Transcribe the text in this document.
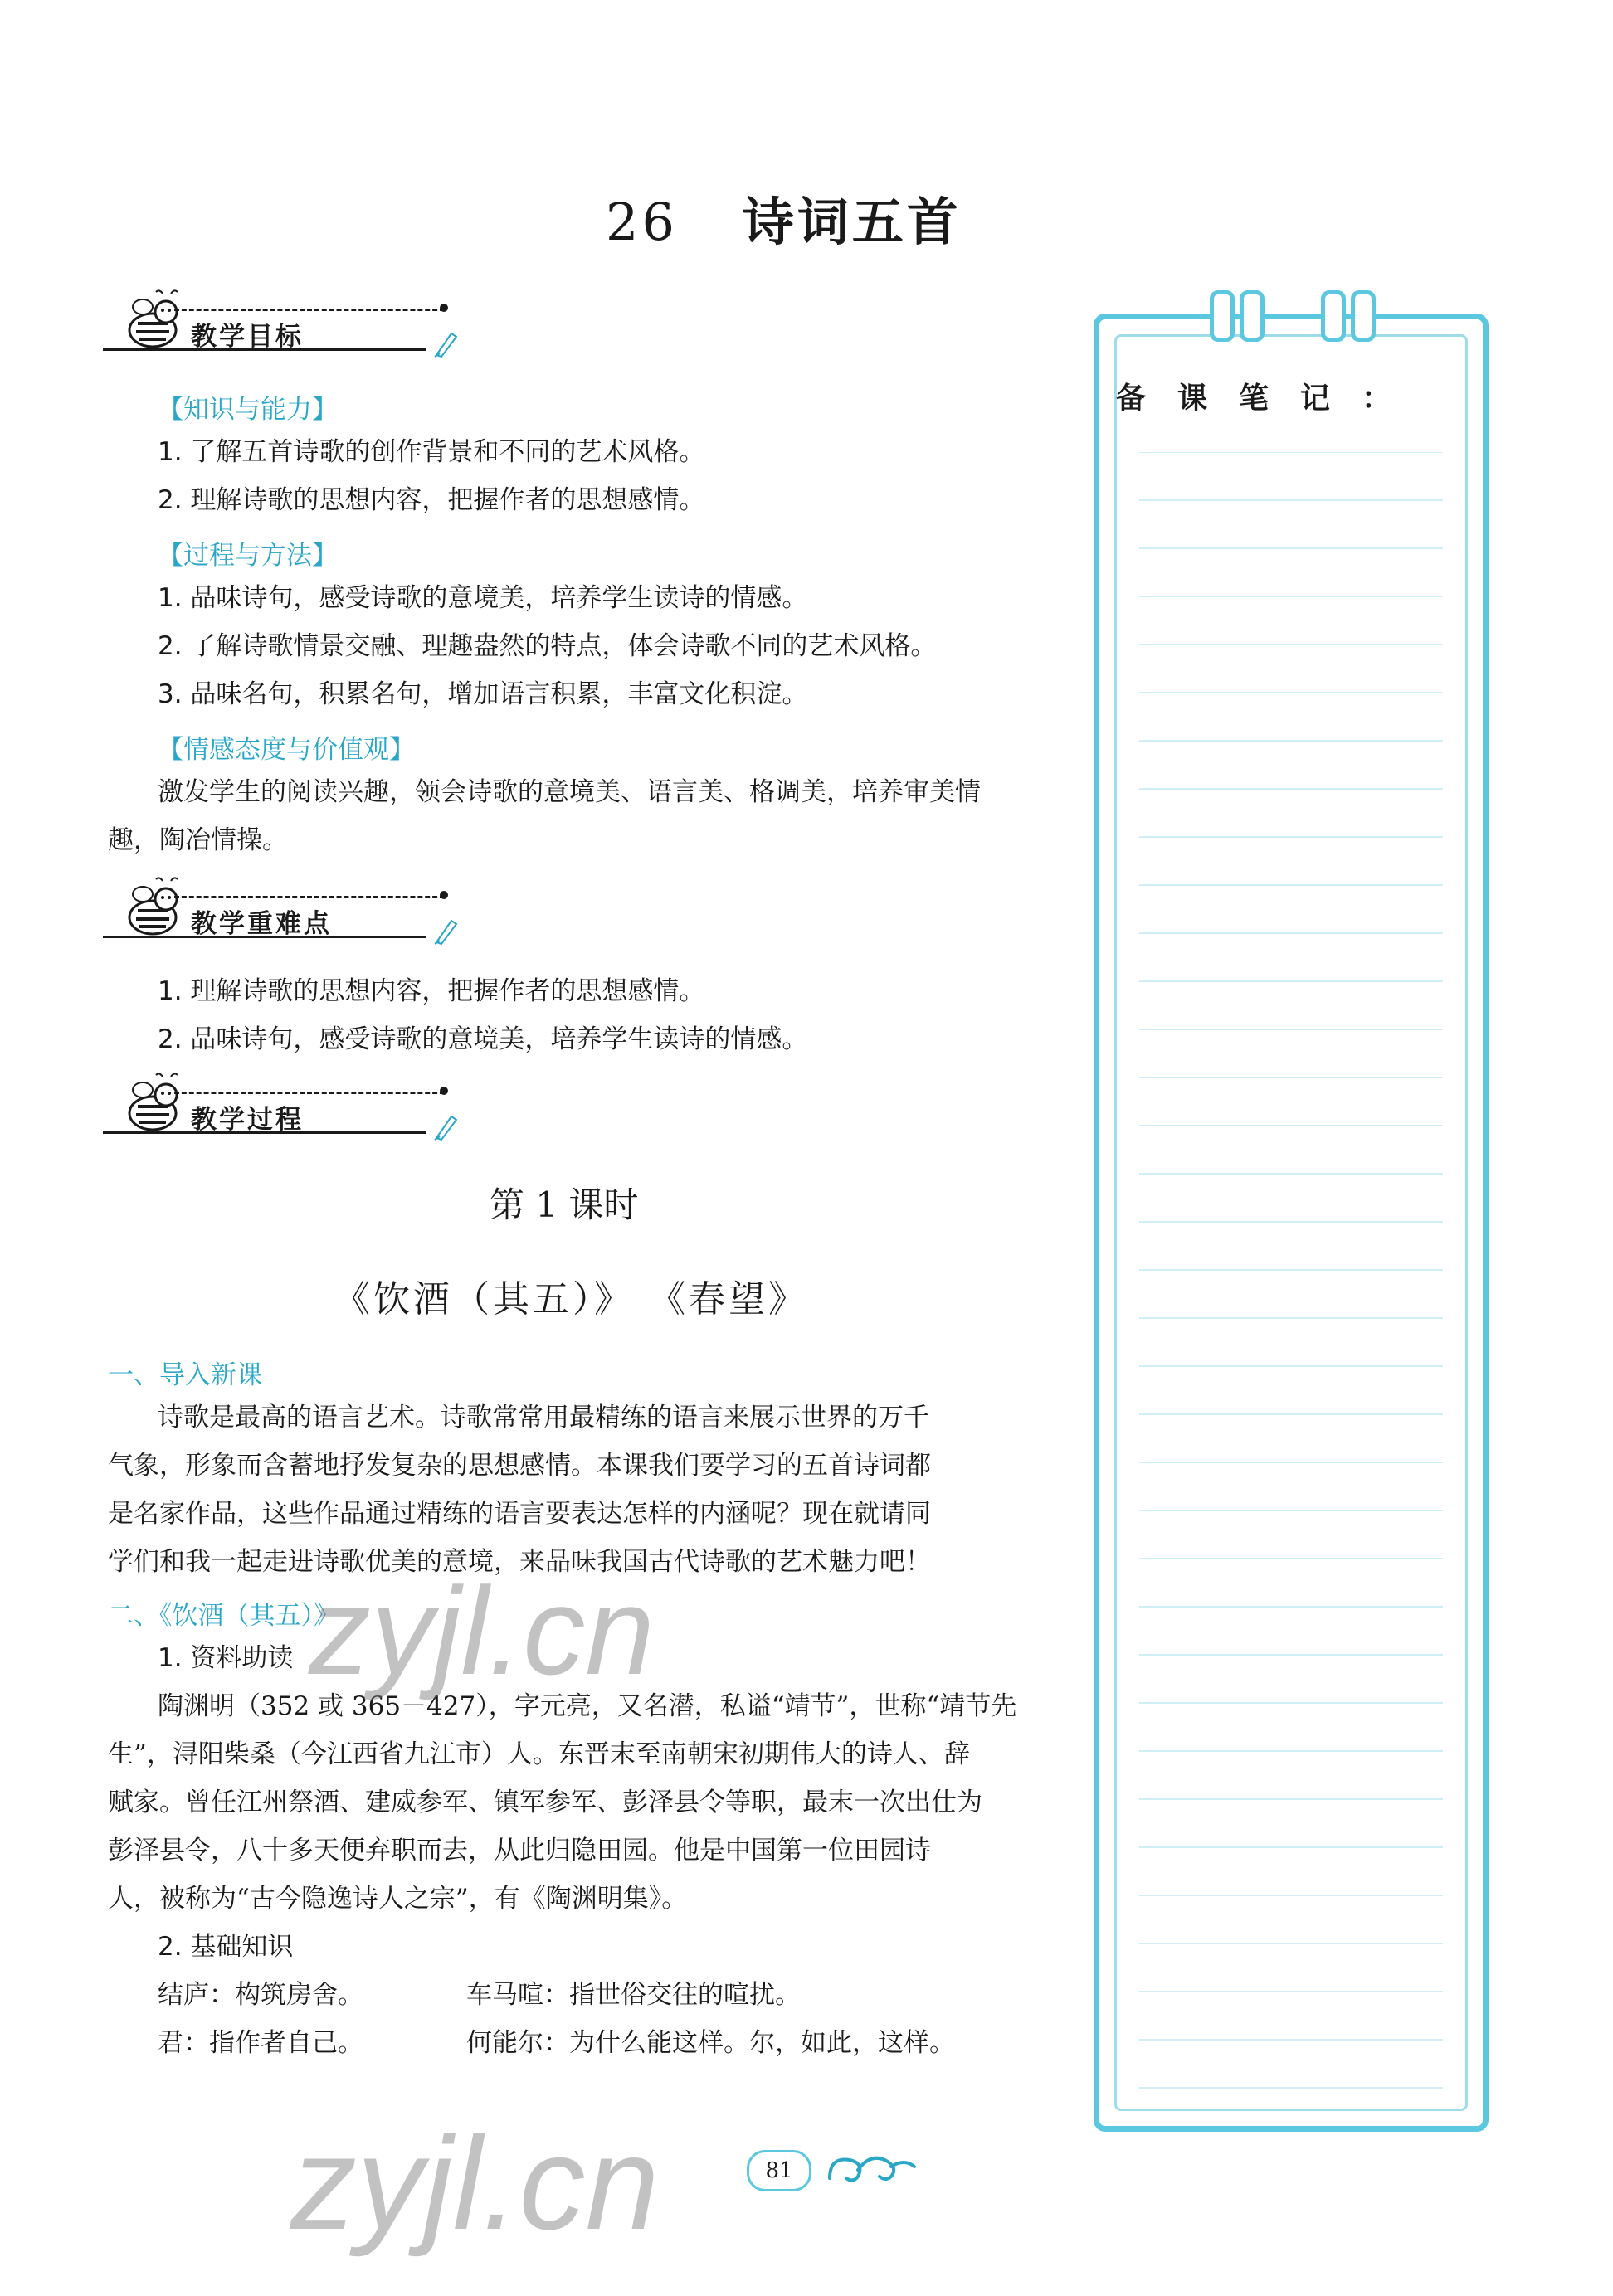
26 诗词五首
教学目标
【知识与能力】
1. 了解五首诗歌的创作背景和不同的艺术风格。
2. 理解诗歌的思想内容，把握作者的思想感情。
【过程与方法】
1. 品味诗句，感受诗歌的意境美，培养学生读诗的情感。
2. 了解诗歌情景交融、理趣盎然的特点，体会诗歌不同的艺术风格。
3. 品味名句，积累名句，增加语言积累，丰富文化积淀。
【情感态度与价值观】
激发学生的阅读兴趣，领会诗歌的意境美、语言美、格调美，培养审美情
趣，陶冶情操。
教学重难点
1. 理解诗歌的思想内容，把握作者的思想感情。
2. 品味诗句，感受诗歌的意境美，培养学生读诗的情感。
教学过程
第 1 课时
《饮酒（其五）》 《春望》
一、导入新课
诗歌是最高的语言艺术。诗歌常常用最精练的语言来展示世界的万千
气象，形象而含蓄地抒发复杂的思想感情。本课我们要学习的五首诗词都
是名家作品，这些作品通过精练的语言要表达怎样的内涵呢？现在就请同
学们和我一起走进诗歌优美的意境，来品味我国古代诗歌的艺术魅力吧！
二、《饮酒（其五）》
1. 资料助读
陶渊明（352 或 365－427），字元亮，又名潜，私谥“靖节”，世称“靖节先
生”，浔阳柴桑（今江西省九江市）人。东晋末至南朝宋初期伟大的诗人、辞
赋家。曾任江州祭酒、建威参军、镇军参军、彭泽县令等职，最末一次出仕为
彭泽县令，八十多天便弃职而去，从此归隐田园。他是中国第一位田园诗
人，被称为“古今隐逸诗人之宗”，有《陶渊明集》。
2. 基础知识
结庐：构筑房舍。	车马喧：指世俗交往的喧扰。
君：指作者自己。	何能尔：为什么能这样。尔，如此，这样。
备课笔记：
81
zyjl.cn
zyjl.cn
